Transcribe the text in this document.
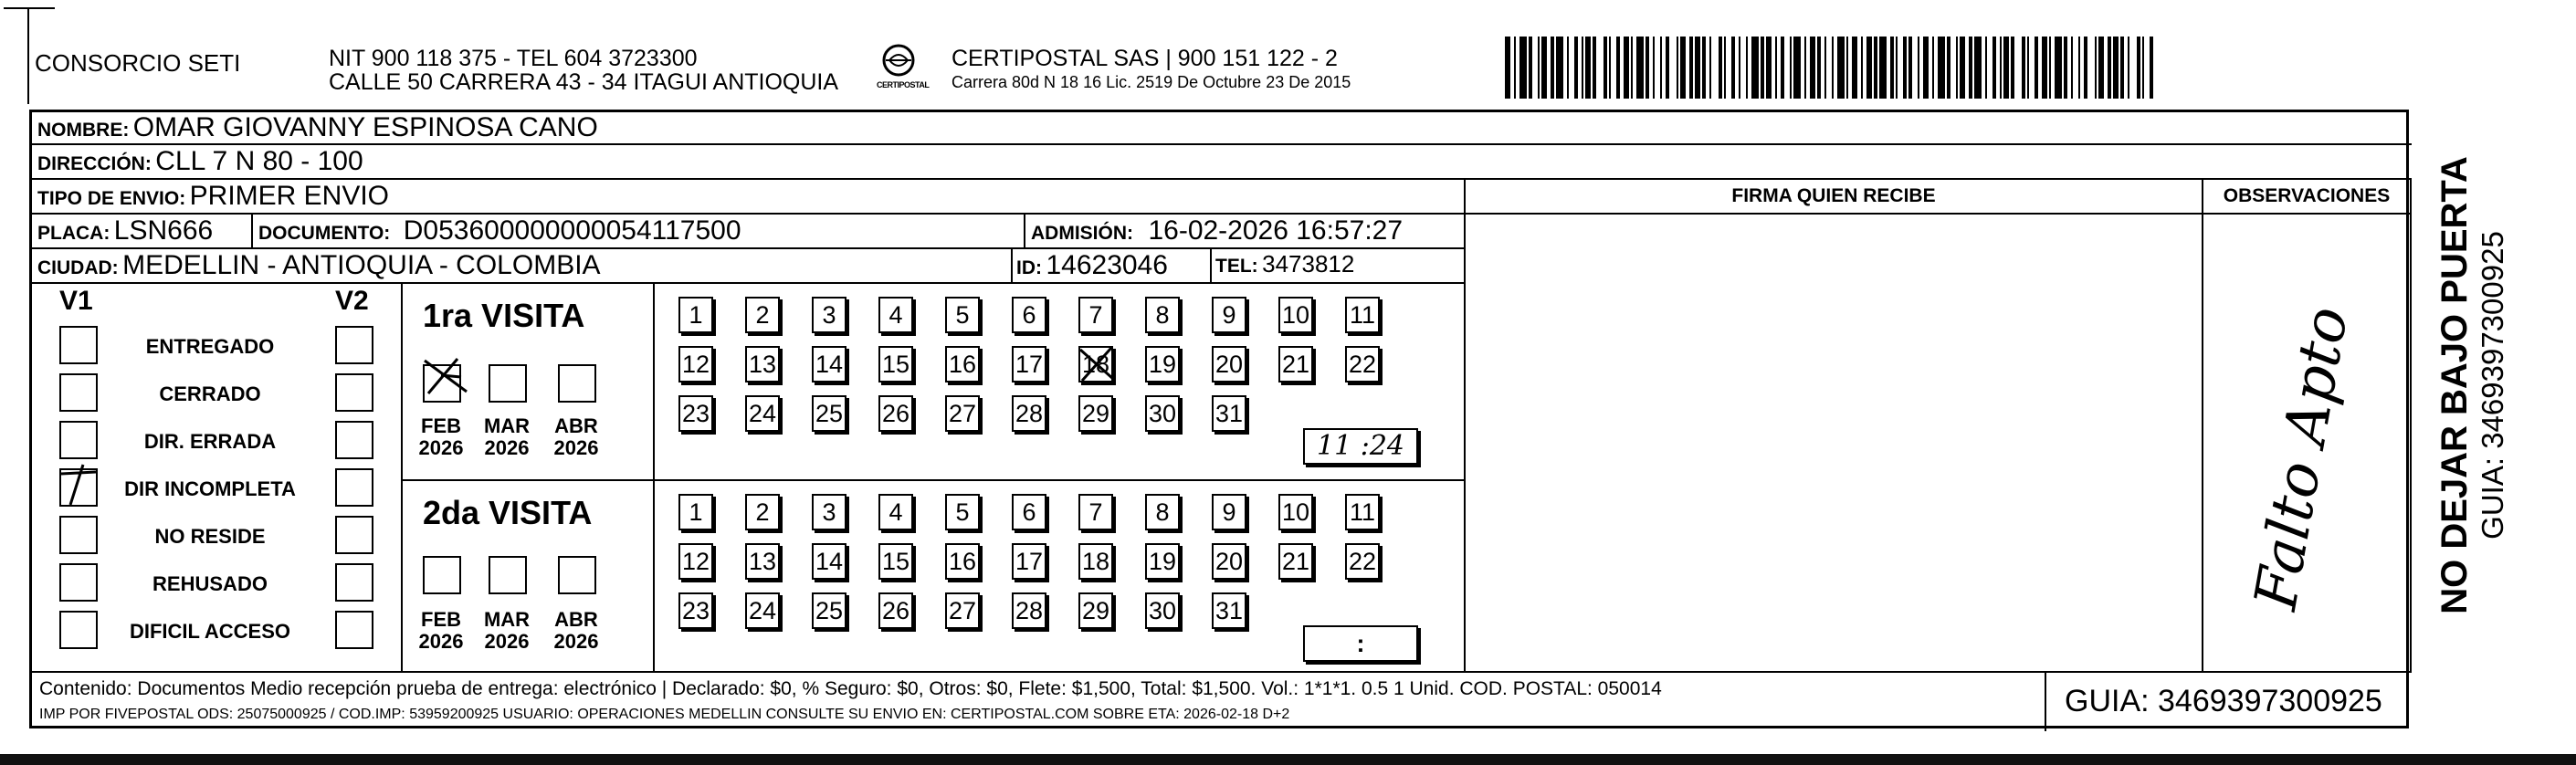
CONSORCIO SETI	NIT 900 118 375 - TEL 604 3723300
CALLE 50 CARRERA 43 - 34 ITAGUI ANTIOQUIA	CERTIPOSTAL
CERTIPOSTAL SAS | 900 151 122 - 2
Carrera 80d N 18 16 Lic. 2519 De Octubre 23 De 2015
NOMBRE: OMAR GIOVANNY ESPINOSA CANO
DIRECCIÓN: CLL 7 N 80 - 100
TIPO DE ENVIO: PRIMER ENVIO	FIRMA QUIEN RECIBE	OBSERVACIONES
PLACA: LSN666 DOCUMENTO: D053600000000054117500	ADMISIÓN: 16-02-2026 16:57:27
CIUDAD: MEDELLIN - ANTIOQUIA - COLOMBIA	ID: 14623046 TEL: 3473812
V1	V2
ENTREGADO
CERRADO
DIR. ERRADA
DIR INCOMPLETA
NO RESIDE
REHUSADO
DIFICIL ACCESO
1ra VISITA
2da VISITA
FEB
2026
MAR
2026
ABR
2026
FEB
2026
MAR
2026
ABR
2026
1	2	3	4	5	6	7	8	9	10 11
12 13 14 15 16 17 18 19 20 21 22
23 24 25 26 27 28 29 30 31
1	2	3	4	5	6	7	8	9	10 11
12 13 14 15 16 17 18 19 20 21 22
23 24 25 26 27 28 29 30 31
11 :24
:
Falto Apto
Contenido: Documentos Medio recepción prueba de entrega: electrónico | Declarado: $0, % Seguro: $0, Otros: $0, Flete: $1,500, Total: $1,500. Vol.: 1*1*1. 0.5 1 Unid. COD. POSTAL: 050014
IMP POR FIVEPOSTAL ODS: 25075000925 / COD.IMP: 53959200925 USUARIO: OPERACIONES MEDELLIN CONSULTE SU ENVIO EN: CERTIPOSTAL.COM SOBRE ETA: 2026-02-18 D+2	GUIA: 3469397300925
NO DEJAR BAJO PUERTA GUIA: 3469397300925
